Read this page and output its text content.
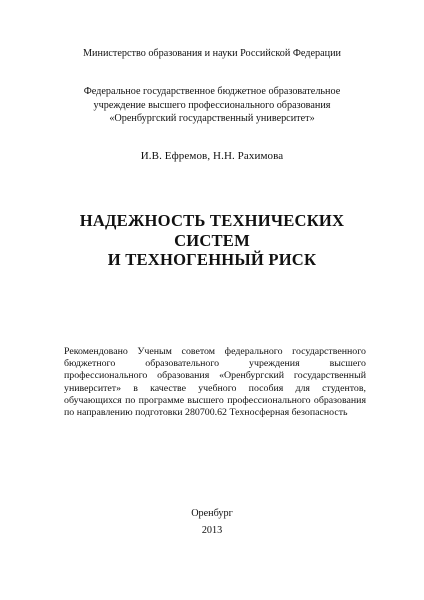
Министерство образования и науки Российской Федерации
Федеральное государственное бюджетное образовательное
учреждение высшего профессионального образования
«Оренбургский государственный университет»
И.В. Ефремов, Н.Н. Рахимова
НАДЕЖНОСТЬ ТЕХНИЧЕСКИХ
СИСТЕМ
И ТЕХНОГЕННЫЙ РИСК
Рекомендовано Ученым советом федерального государственного бюджетного образовательного учреждения высшего профессионального образования «Оренбургский государственный университет» в качестве учебного пособия для студентов, обучающихся по программе высшего профессионального образования по направлению подготовки 280700.62 Техносферная безопасность
Оренбург
2013
